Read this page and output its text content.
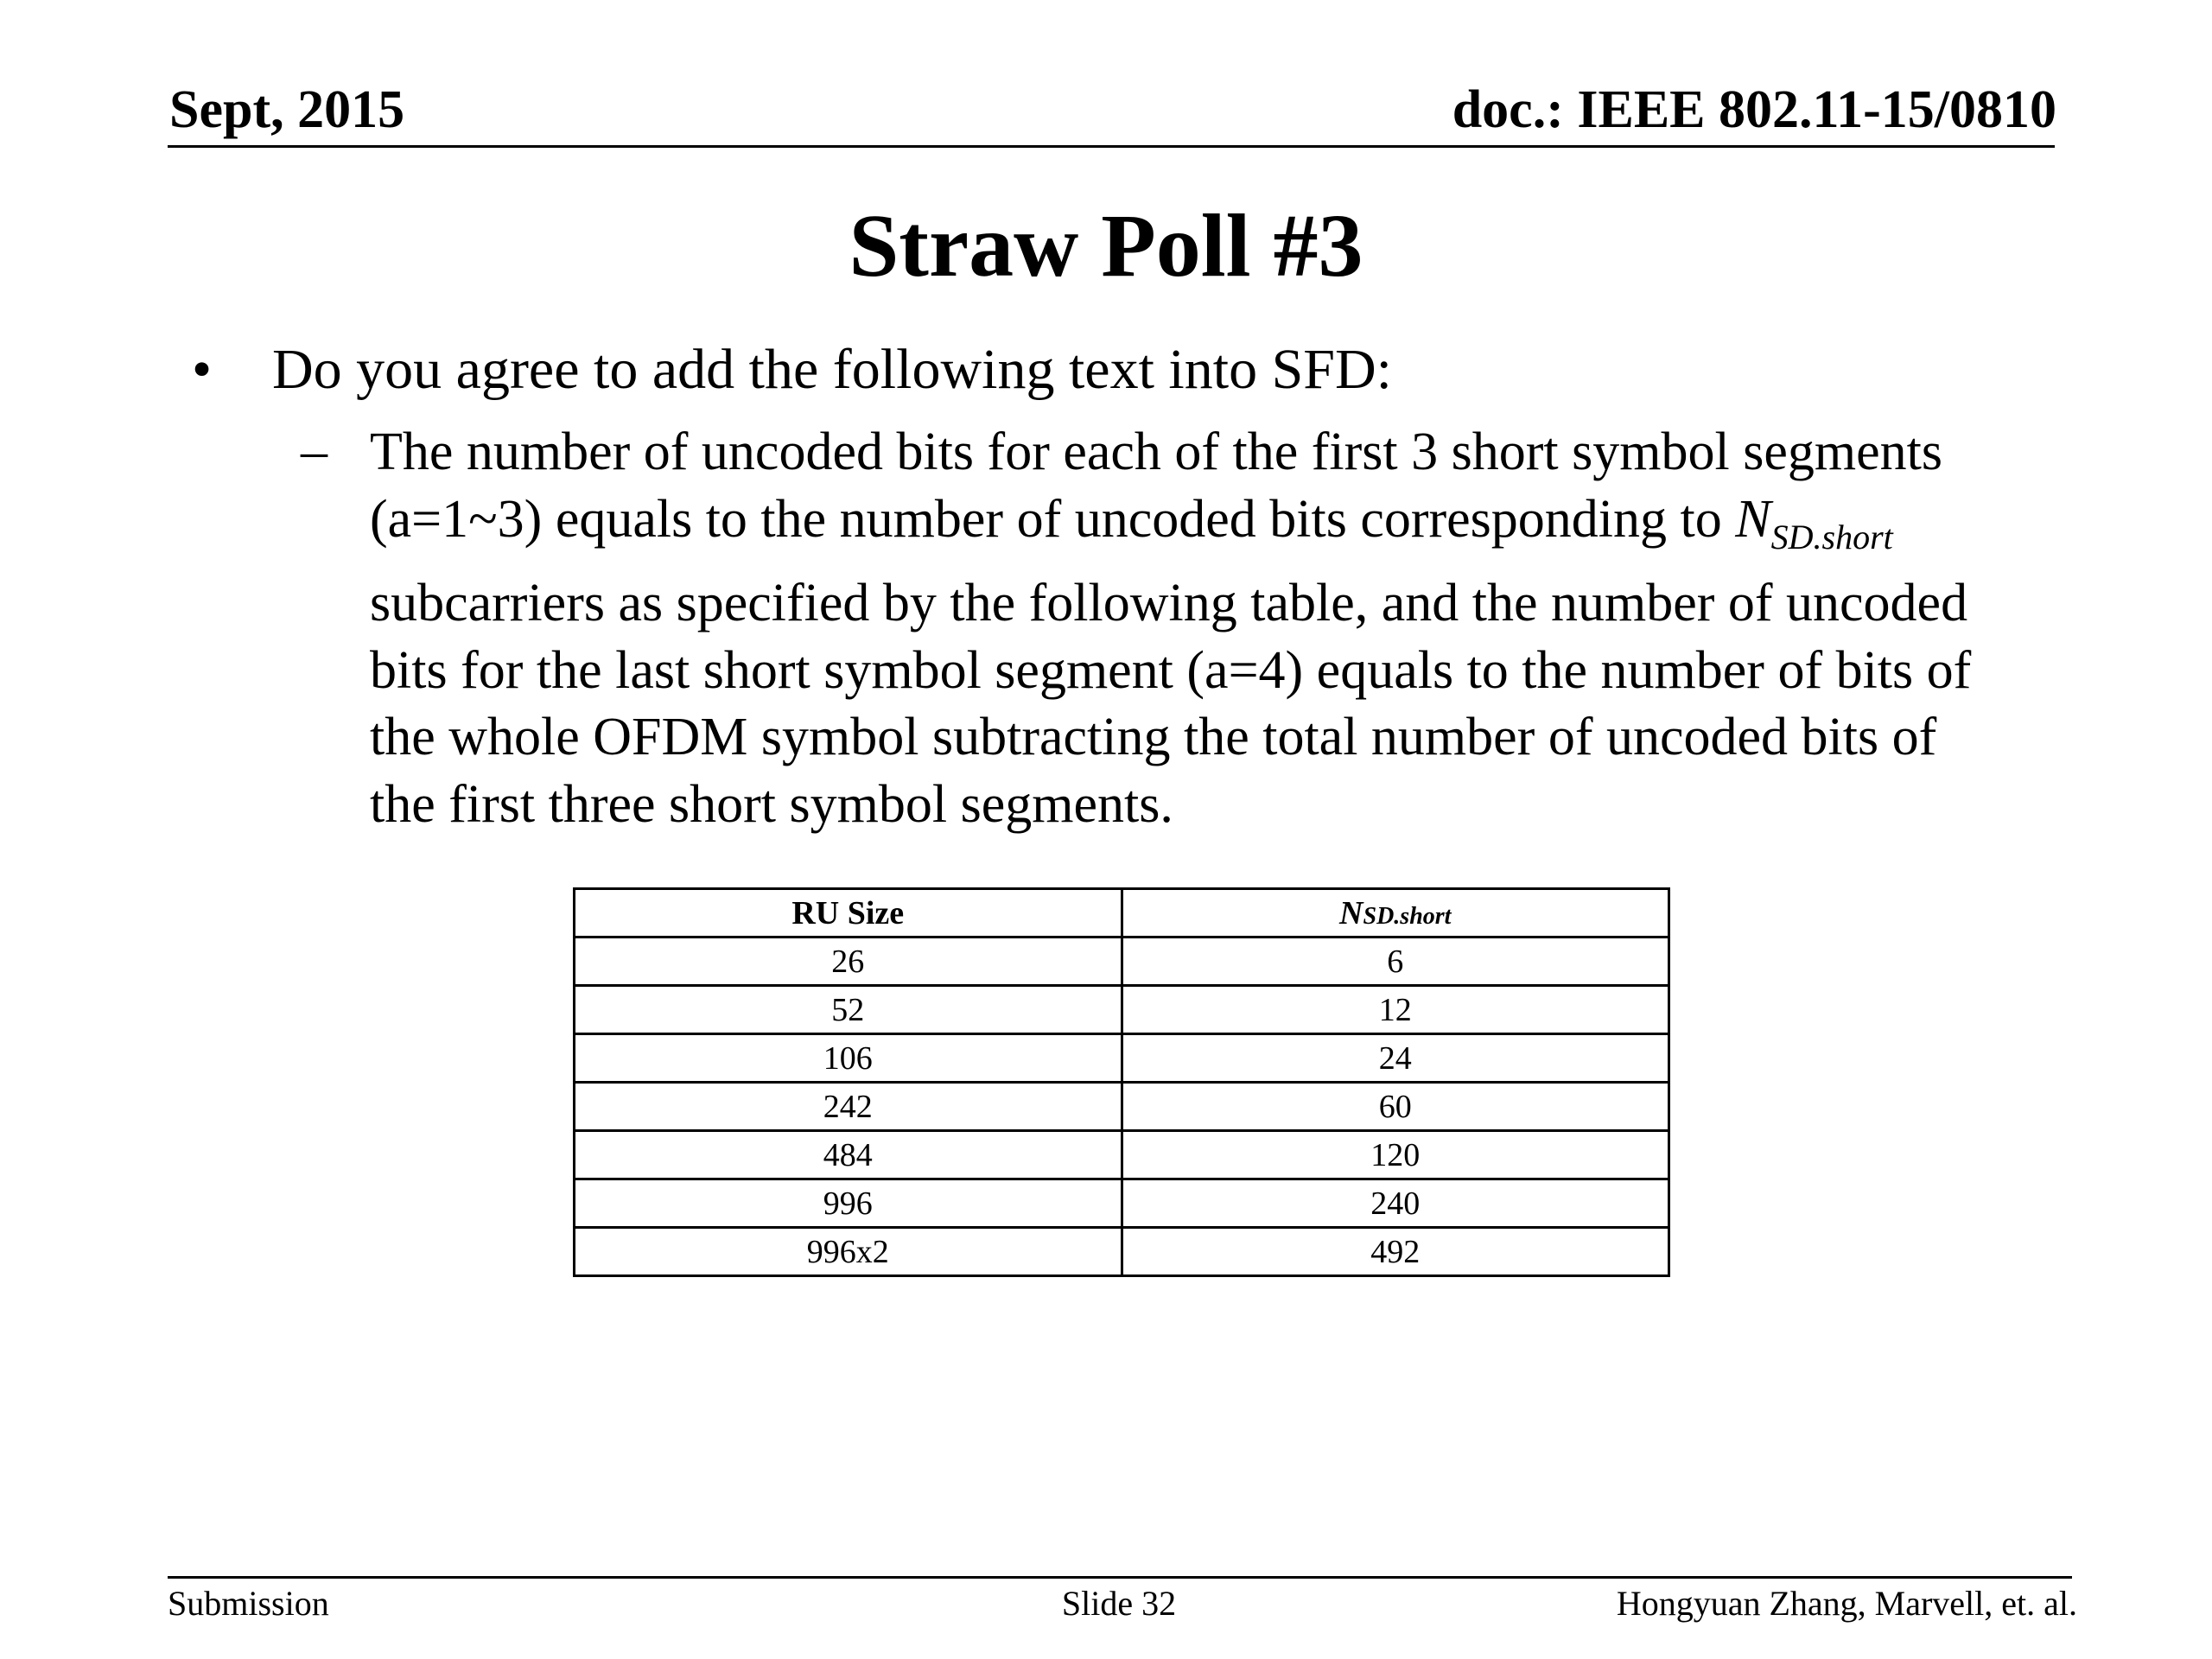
Sept, 2015	doc.: IEEE 802.11-15/0810
Straw Poll #3
• Do you agree to add the following text into SFD:
– The number of uncoded bits for each of the first 3 short symbol segments

(a=1~3) equals to the number of uncoded bits corresponding to $N_{SD.short}$

subcarriers as specified by the following table, and the number of uncoded

bits for the last short symbol segment (a=4) equals to the number of bits of

the whole OFDM symbol subtracting the total number of uncoded bits of

the first three short symbol segments.

RU Size	NSD.short
26	6
52	12
106	24
242	60
484	120
996	240
996x2	492
Submission	Slide 32	Hongyuan Zhang, Marvell, et. al.
